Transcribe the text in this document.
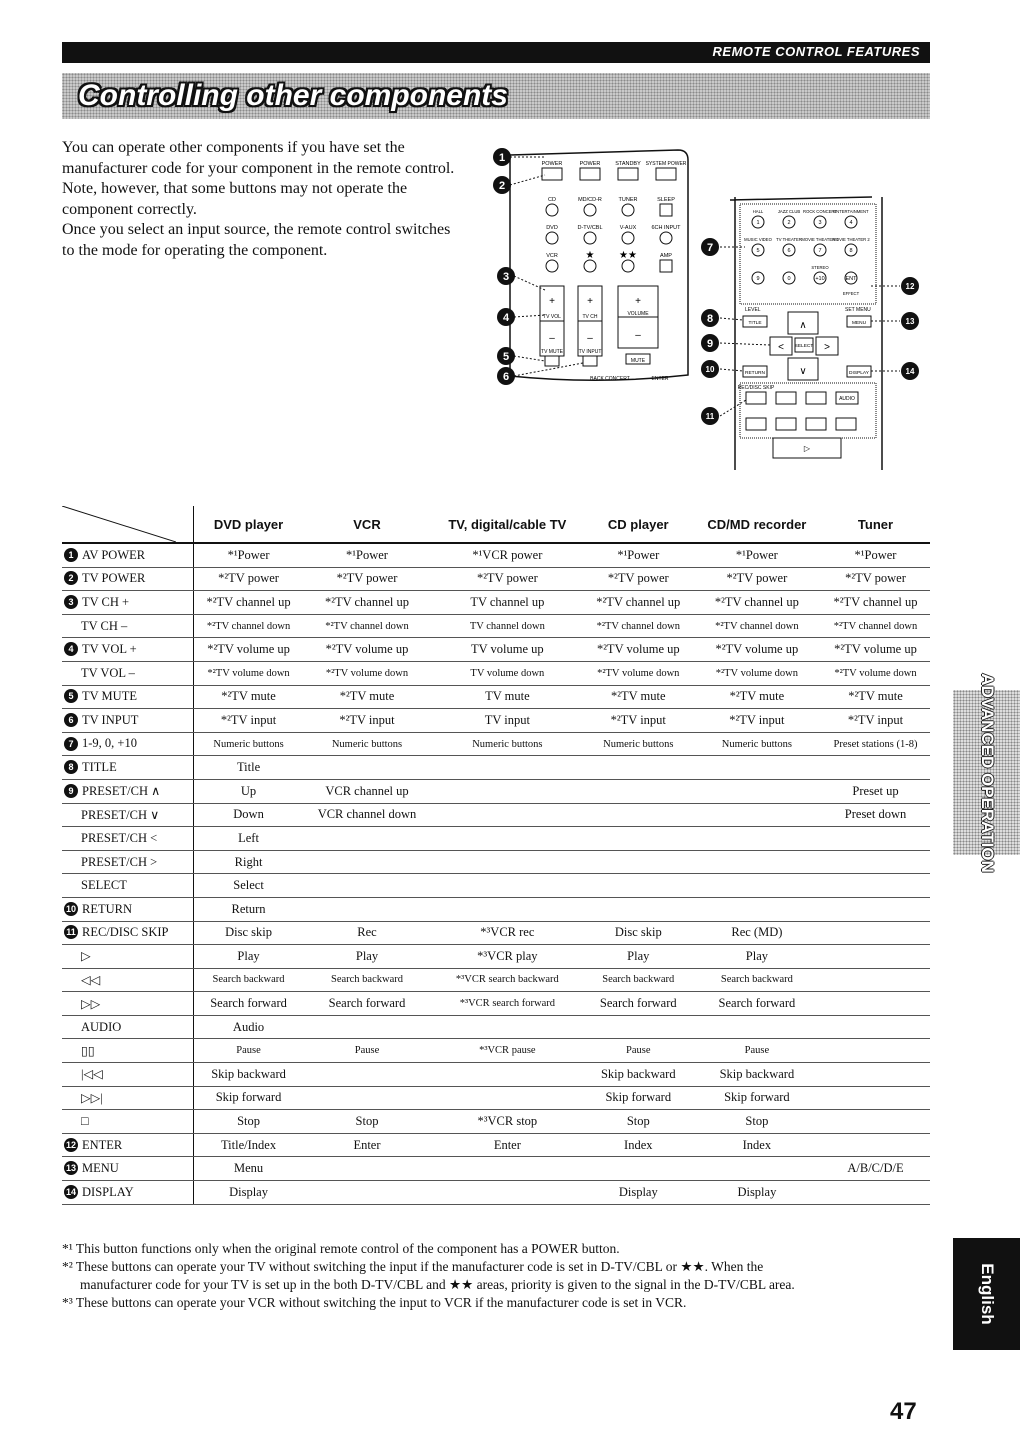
REMOTE CONTROL FEATURES
Controlling other components

You can operate other components if you have set the manufacturer code for your component in the remote control. Note, however, that some buttons may not operate the component correctly.

Once you select an input source, the remote control switches to the mode for operating the component.

POWER	POWER	STANDBY SYSTEM POWER
CD	MD/CD-R	TUNER	SLEEP
DVD	D-TV/CBL	V-AUX	6CH INPUT
VCR	★ ★★	AMP
+	+	+
–	–	–
TV VOL	TV CH	VOLUME
TV MUTE	TV INPUT
MUTE
BACK CONCERT	ENTER
1	2	3	4
5	6	7	8
9	0	+10	ENT
HALL	JAZZ CLUB ROCK CONCERT
ENTERTAINMENT
MUSIC VIDEO TV THEATER MOVIE THEATER 1
MOVIE THEATER 2
EFFECT
STEREO
LEVEL	SET MENU
∧
<	>
∨
TITLE	MENU
RETURN	DISPLAY
SELECT
REC/DISC SKIP
AUDIO
▷
1
2
3
4
5
6
7
8
9
10
11
12
13
14
	DVD player	VCR	TV, digital/cable TV	CD player	CD/MD recorder	Tuner
1 AV POWER	*¹Power	*¹Power	*¹VCR power	*¹Power	*¹Power	*¹Power
2 TV POWER	*²TV power	*²TV power	*²TV power	*²TV power	*²TV power	*²TV power
3 TV CH +	*²TV channel up	*²TV channel up	TV channel up	*²TV channel up	*²TV channel up	*²TV channel up
TV CH –	*²TV channel down	*²TV channel down	TV channel down	*²TV channel down	*²TV channel down	*²TV channel down
4 TV VOL +	*²TV volume up	*²TV volume up	TV volume up	*²TV volume up	*²TV volume up	*²TV volume up
TV VOL –	*²TV volume down	*²TV volume down	TV volume down	*²TV volume down	*²TV volume down	*²TV volume down
5 TV MUTE	*²TV mute	*²TV mute	TV mute	*²TV mute	*²TV mute	*²TV mute
6 TV INPUT	*²TV input	*²TV input	TV input	*²TV input	*²TV input	*²TV input
7 1-9, 0, +10	Numeric buttons	Numeric buttons	Numeric buttons	Numeric buttons	Numeric buttons	Preset stations (1-8)
8 TITLE	Title					
9 PRESET/CH ∧	Up	VCR channel up				Preset up
PRESET/CH ∨	Down	VCR channel down				Preset down
PRESET/CH <	Left					
PRESET/CH >	Right					
SELECT	Select					
10 RETURN	Return					
11 REC/DISC SKIP	Disc skip	Rec	*³VCR rec	Disc skip	Rec (MD)	
▷	Play	Play	*³VCR play	Play	Play	
◁◁	Search backward	Search backward	*³VCR search backward	Search backward	Search backward	
▷▷	Search forward	Search forward	*³VCR search forward	Search forward	Search forward	
AUDIO	Audio					
▯▯	Pause	Pause	*³VCR pause	Pause	Pause	
|◁◁	Skip backward			Skip backward	Skip backward	
▷▷|	Skip forward			Skip forward	Skip forward	
□	Stop	Stop	*³VCR stop	Stop	Stop	
12 ENTER	Title/Index	Enter	Enter	Index	Index	
13 MENU	Menu					A/B/C/D/E
14 DISPLAY	Display			Display	Display	

*¹ This button functions only when the original remote control of the component has a POWER button.

*² These buttons can operate your TV without switching the input if the manufacturer code is set in D-TV/CBL or ★★. When the

manufacturer code for your TV is set up in the both D-TV/CBL and ★★ areas, priority is given to the signal in the D-TV/CBL area.

*³ These buttons can operate your VCR without switching the input to VCR if the manufacturer code is set in VCR.

ADVANCED OPERATION
English
47
